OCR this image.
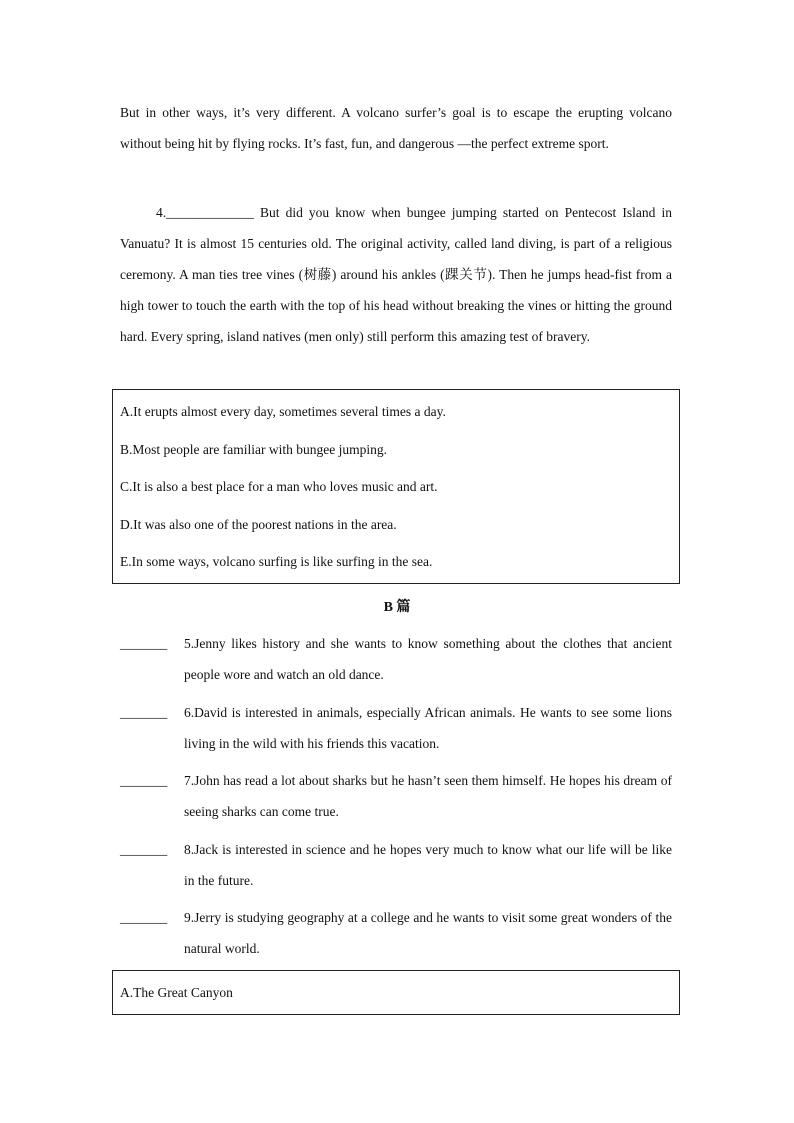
But in other ways, it’s very different. A volcano surfer’s goal is to escape the erupting volcano without being hit by flying rocks. It’s fast, fun, and dangerous —the perfect extreme sport.

4._____________ But did you know when bungee jumping started on Pentecost Island in Vanuatu? It is almost 15 centuries old. The original activity, called land diving, is part of a religious ceremony. A man ties tree vines (树藤) around his ankles (踝关节). Then he jumps head-fist from a high tower to touch the earth with the top of his head without breaking the vines or hitting the ground hard. Every spring, island natives (men only) still perform this amazing test of bravery.

A.It erupts almost every day, sometimes several times a day.
B.Most people are familiar with bungee jumping.
C.It is also a best place for a man who loves music and art.
D.It was also one of the poorest nations in the area.
E.In some ways, volcano surfing is like surfing in the sea.
B 篇
_______ 5.Jenny likes history and she wants to know something about the clothes that ancient people wore and watch an old dance.
_______ 6.David is interested in animals, especially African animals. He wants to see some lions living in the wild with his friends this vacation.
_______ 7.John has read a lot about sharks but he hasn’t seen them himself. He hopes his dream of seeing sharks can come true.
_______ 8.Jack is interested in science and he hopes very much to know what our life will be like in the future.
_______ 9.Jerry is studying geography at a college and he wants to visit some great wonders of the natural world.
A.The Great Canyon
